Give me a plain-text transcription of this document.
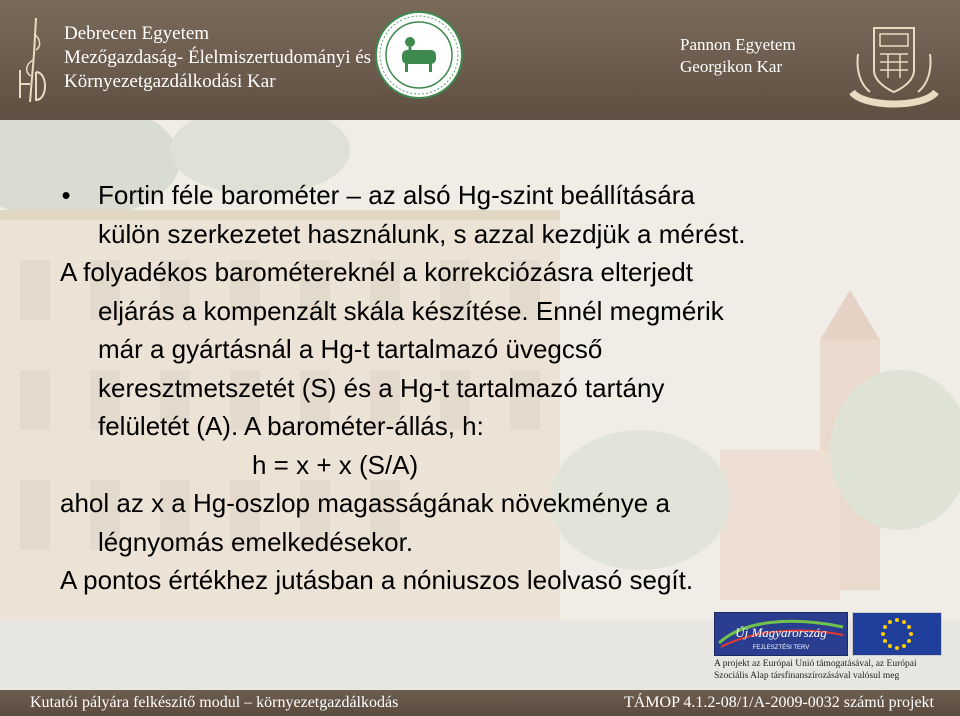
Debrecen Egyetem
Mezőgazdaság- Élelmiszertudományi és
Környezetgazdálkodási Kar
Pannon Egyetem
Georgikon Kar
•	Fortin féle barométer – az alsó Hg-szint beállítására
külön szerkezetet használunk, s azzal kezdjük a mérést.
A folyadékos barométereknél a korrekciózásra elterjedt
eljárás a kompenzált skála készítése. Ennél megmérik
már a gyártásnál a Hg-t tartalmazó üvegcső
keresztmetszetét (S) és a Hg-t tartalmazó tartány
felületét (A). A barométer-állás, h:
h = x + x (S/A)
ahol az x a Hg-oszlop magasságának növekménye a
légnyomás emelkedésekor.
A pontos értékhez jutásban a nóniuszos leolvasó segít.
Új Magyarország
FEJLESZTÉSI TERV
A projekt az Európai Unió támogatásával, az Európai
Szociális Alap társfinanszírozásával valósul meg
Kutatói pályára felkészítő modul – környezetgazdálkodás	TÁMOP 4.1.2-08/1/A-2009-0032 számú projekt
